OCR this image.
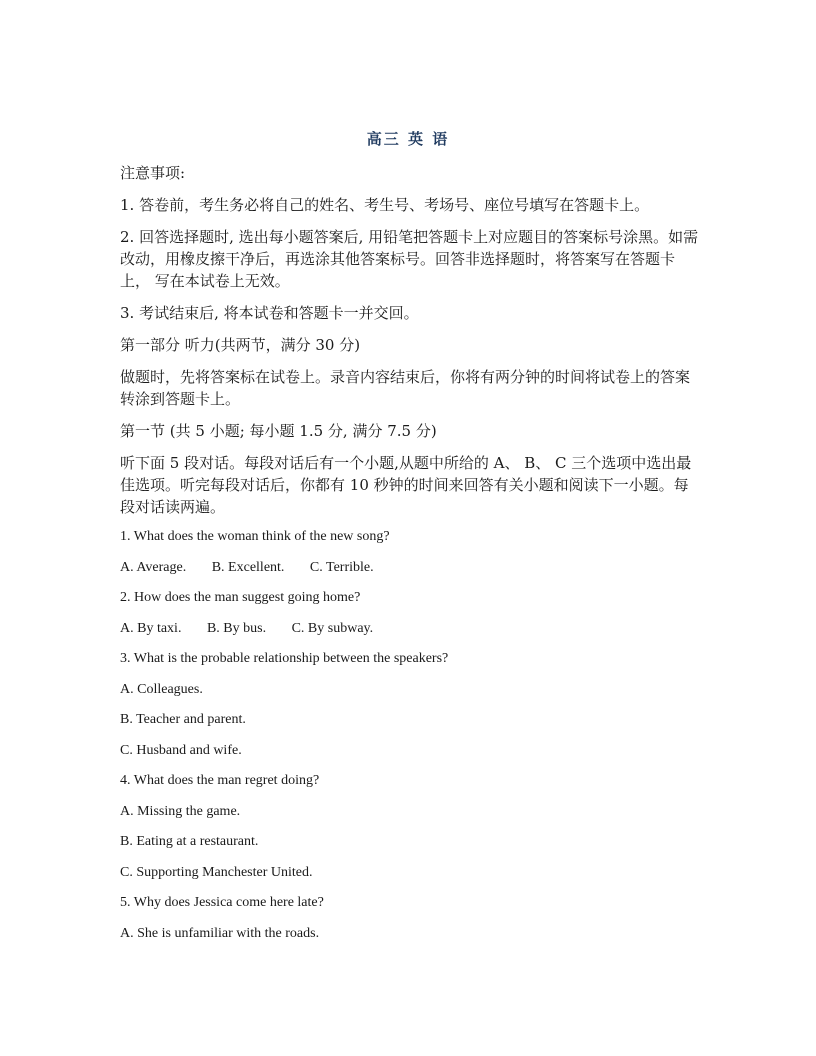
高三 英 语

注意事项:

1. 答卷前，考生务必将自己的姓名、考生号、考场号、座位号填写在答题卡上。

2. 回答选择题时, 选出每小题答案后, 用铅笔把答题卡上对应题目的答案标号涂黑。如需改动，用橡皮擦干净后，再选涂其他答案标号。回答非选择题时，将答案写在答题卡上， 写在本试卷上无效。

3. 考试结束后, 将本试卷和答题卡一并交回。

第一部分 听力(共两节，满分 30 分)

做题时，先将答案标在试卷上。录音内容结束后，你将有两分钟的时间将试卷上的答案转涂到答题卡上。

第一节 (共 5 小题; 每小题 1.5 分, 满分 7.5 分)

听下面 5 段对话。每段对话后有一个小题,从题中所给的 A、 B、 C 三个选项中选出最佳选项。听完每段对话后，你都有 10 秒钟的时间来回答有关小题和阅读下一小题。每段对话读两遍。

1. What does the woman think of the new song?

A. Average. B. Excellent. C. Terrible.

2. How does the man suggest going home?

A. By taxi. B. By bus. C. By subway.

3. What is the probable relationship between the speakers?

A. Colleagues.

B. Teacher and parent.

C. Husband and wife.

4. What does the man regret doing?

A. Missing the game.

B. Eating at a restaurant.

C. Supporting Manchester United.

5. Why does Jessica come here late?

A. She is unfamiliar with the roads.
